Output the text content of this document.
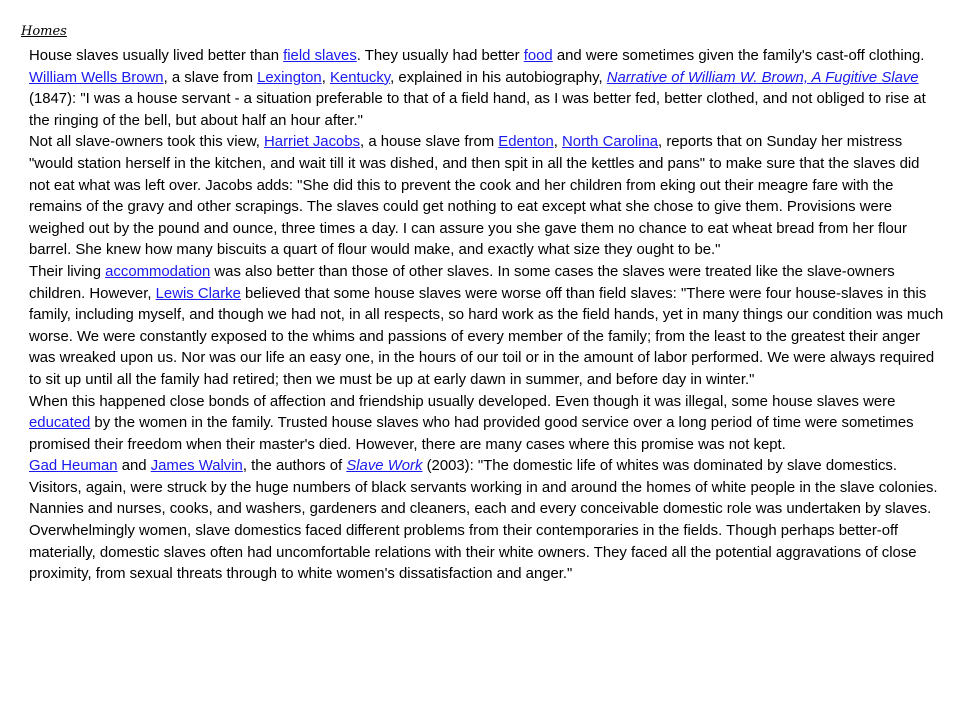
Homes

House slaves usually lived better than field slaves. They usually had better food and were sometimes given the family's cast-off clothing. William Wells Brown, a slave from Lexington, Kentucky, explained in his autobiography, Narrative of William W. Brown, A Fugitive Slave (1847): "I was a house servant - a situation preferable to that of a field hand, as I was better fed, better clothed, and not obliged to rise at the ringing of the bell, but about half an hour after."

Not all slave-owners took this view, Harriet Jacobs, a house slave from Edenton, North Carolina, reports that on Sunday her mistress "would station herself in the kitchen, and wait till it was dished, and then spit in all the kettles and pans" to make sure that the slaves did not eat what was left over. Jacobs adds: "She did this to prevent the cook and her children from eking out their meagre fare with the remains of the gravy and other scrapings. The slaves could get nothing to eat except what she chose to give them. Provisions were weighed out by the pound and ounce, three times a day. I can assure you she gave them no chance to eat wheat bread from her flour barrel. She knew how many biscuits a quart of flour would make, and exactly what size they ought to be."

Their living accommodation was also better than those of other slaves. In some cases the slaves were treated like the slave-owners children. However, Lewis Clarke believed that some house slaves were worse off than field slaves: "There were four house-slaves in this family, including myself, and though we had not, in all respects, so hard work as the field hands, yet in many things our condition was much worse. We were constantly exposed to the whims and passions of every member of the family; from the least to the greatest their anger was wreaked upon us. Nor was our life an easy one, in the hours of our toil or in the amount of labor performed. We were always required to sit up until all the family had retired; then we must be up at early dawn in summer, and before day in winter."

When this happened close bonds of affection and friendship usually developed. Even though it was illegal, some house slaves were educated by the women in the family. Trusted house slaves who had provided good service over a long period of time were sometimes promised their freedom when their master's died. However, there are many cases where this promise was not kept.

Gad Heuman and James Walvin, the authors of Slave Work (2003): "The domestic life of whites was dominated by slave domestics. Visitors, again, were struck by the huge numbers of black servants working in and around the homes of white people in the slave colonies. Nannies and nurses, cooks, and washers, gardeners and cleaners, each and every conceivable domestic role was undertaken by slaves. Overwhelmingly women, slave domestics faced different problems from their contemporaries in the fields. Though perhaps better-off materially, domestic slaves often had uncomfortable relations with their white owners. They faced all the potential aggravations of close proximity, from sexual threats through to white women's dissatisfaction and anger."
